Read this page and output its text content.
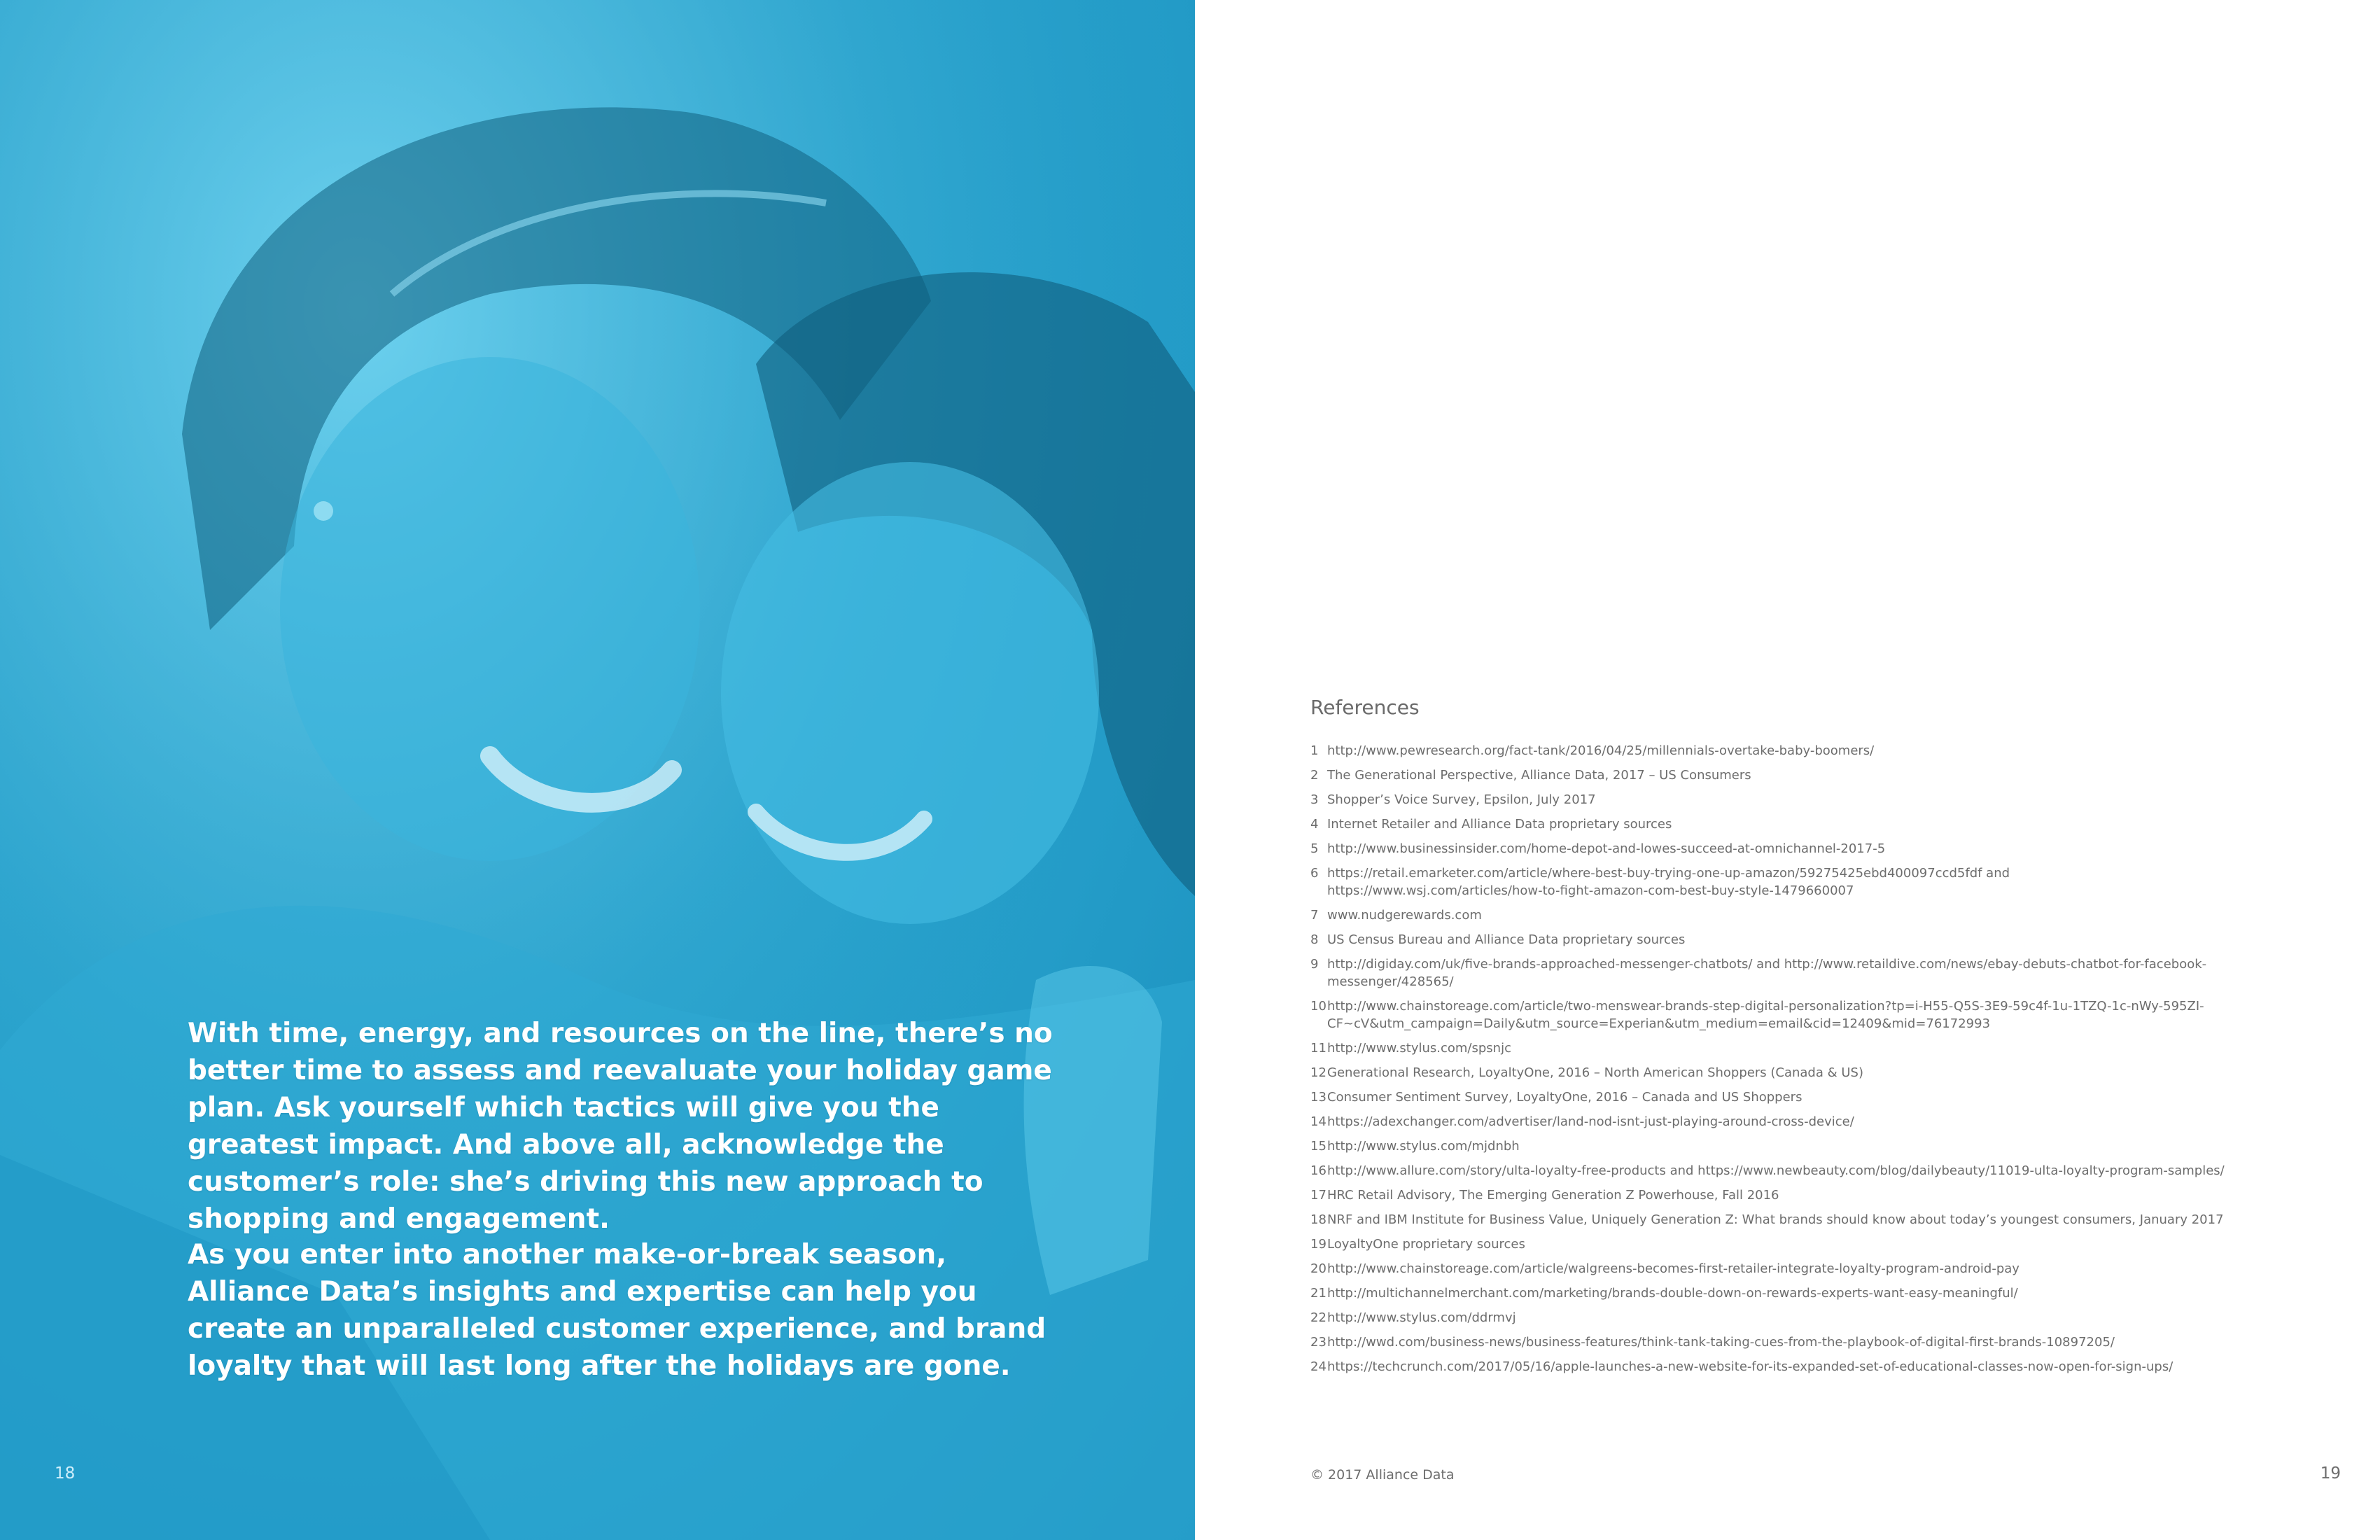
With time, energy, and resources on the line, there’s no better time to assess and reevaluate your holiday game plan. Ask yourself which tactics will give you the greatest impact. And above all, acknowledge the customer’s role: she’s driving this new approach to shopping and engagement.

As you enter into another make-or-break season, Alliance Data’s insights and expertise can help you create an unparalleled customer experience, and brand loyalty that will last long after the holidays are gone.

18
References
1 http://www.pewresearch.org/fact-tank/2016/04/25/millennials-overtake-baby-boomers/
2 The Generational Perspective, Alliance Data, 2017 – US Consumers
3 Shopper’s Voice Survey, Epsilon, July 2017
4 Internet Retailer and Alliance Data proprietary sources
5 http://www.businessinsider.com/home-depot-and-lowes-succeed-at-omnichannel-2017-5
6 https://retail.emarketer.com/article/where-best-buy-trying-one-up-amazon/59275425ebd400097ccd5fdf and
https://www.wsj.com/articles/how-to-fight-amazon-com-best-buy-style-1479660007
7 www.nudgerewards.com
8 US Census Bureau and Alliance Data proprietary sources
9 http://digiday.com/uk/five-brands-approached-messenger-chatbots/ and http://www.retaildive.com/news/ebay-debuts-chatbot-for-facebook-
messenger/428565/
10 http://www.chainstoreage.com/article/two-menswear-brands-step-digital-personalization?tp=i-H55-Q5S-3E9-59c4f-1u-1TZQ-1c-nWy-595ZI-
CF~cV&utm_campaign=Daily&utm_source=Experian&utm_medium=email&cid=12409&mid=76172993
11 http://www.stylus.com/spsnjc
12 Generational Research, LoyaltyOne, 2016 – North American Shoppers (Canada & US)
13 Consumer Sentiment Survey, LoyaltyOne, 2016 – Canada and US Shoppers
14 https://adexchanger.com/advertiser/land-nod-isnt-just-playing-around-cross-device/
15 http://www.stylus.com/mjdnbh
16 http://www.allure.com/story/ulta-loyalty-free-products and https://www.newbeauty.com/blog/dailybeauty/11019-ulta-loyalty-program-samples/
17 HRC Retail Advisory, The Emerging Generation Z Powerhouse, Fall 2016
18 NRF and IBM Institute for Business Value, Uniquely Generation Z: What brands should know about today’s youngest consumers, January 2017
19 LoyaltyOne proprietary sources
20 http://www.chainstoreage.com/article/walgreens-becomes-first-retailer-integrate-loyalty-program-android-pay
21 http://multichannelmerchant.com/marketing/brands-double-down-on-rewards-experts-want-easy-meaningful/
22 http://www.stylus.com/ddrmvj
23 http://wwd.com/business-news/business-features/think-tank-taking-cues-from-the-playbook-of-digital-first-brands-10897205/
24 https://techcrunch.com/2017/05/16/apple-launches-a-new-website-for-its-expanded-set-of-educational-classes-now-open-for-sign-ups/
© 2017 Alliance Data	19
